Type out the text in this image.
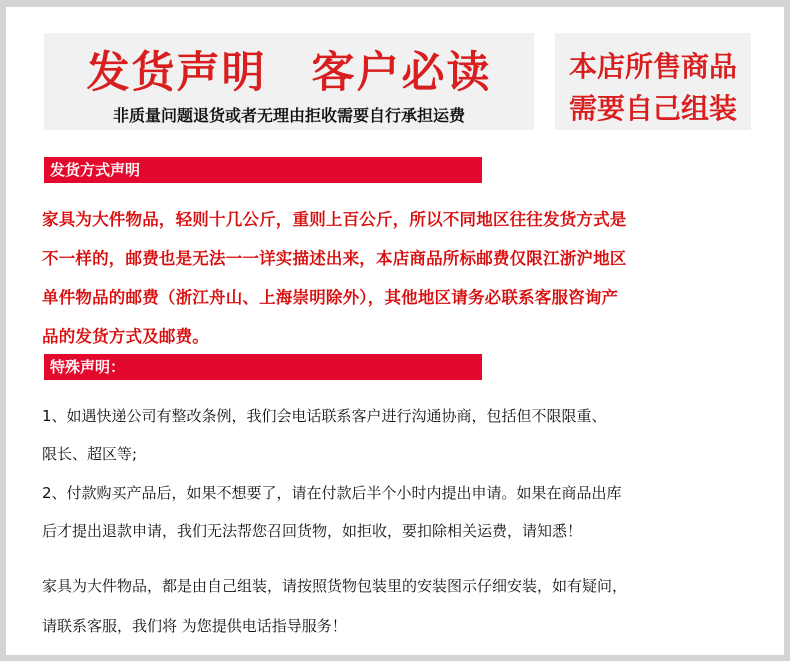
发货声明　客户必读
非质量问题退货或者无理由拒收需要自行承担运费
本店所售商品
需要自己组装
发货方式声明

家具为大件物品，轻则十几公斤，重则上百公斤，所以不同地区往往发货方式是

不一样的，邮费也是无法一一详实描述出来，本店商品所标邮费仅限江浙沪地区

单件物品的邮费（浙江舟山、上海崇明除外），其他地区请务必联系客服咨询产

品的发货方式及邮费。

特殊声明：
1、如遇快递公司有整改条例，我们会电话联系客户进行沟通协商，包括但不限限重、
限长、超区等;
2、付款购买产品后，如果不想要了，请在付款后半个小时内提出申请。如果在商品出库
后才提出退款申请，我们无法帮您召回货物，如拒收，要扣除相关运费，请知悉！
家具为大件物品，都是由自己组装，请按照货物包装里的安装图示仔细安装，如有疑问，
请联系客服，我们将 为您提供电话指导服务！
